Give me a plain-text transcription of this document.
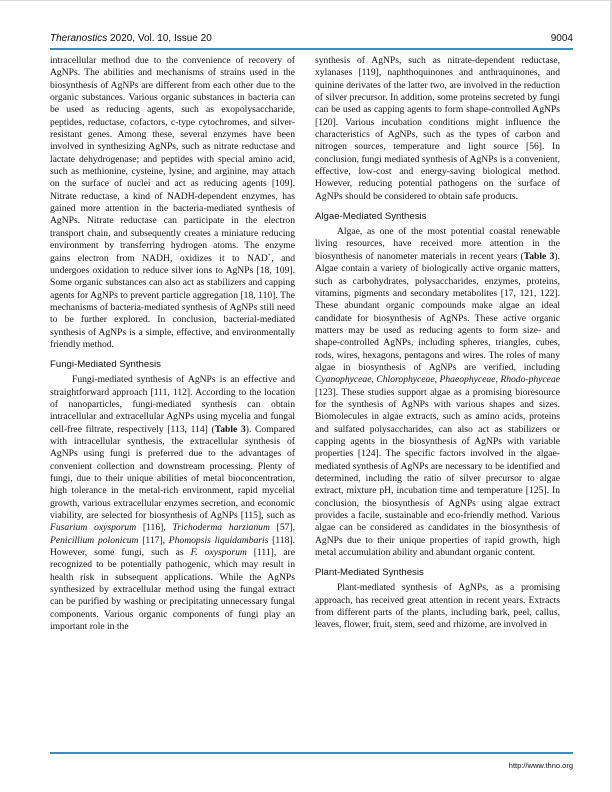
Theranostics 2020, Vol. 10, Issue 20	9004

intracellular method due to the convenience of recovery of AgNPs. The abilities and mechanisms of strains used in the biosynthesis of AgNPs are different from each other due to the organic substances. Various organic substances in bacteria can be used as reducing agents, such as exopolysaccharide, peptides, reductase, cofactors, c-type cytochromes, and silver-resistant genes. Among these, several enzymes have been involved in synthesizing AgNPs, such as nitrate reductase and lactate dehydrogenase; and peptides with special amino acid, such as methionine, cysteine, lysine, and arginine, may attach on the surface of nuclei and act as reducing agents [109]. Nitrate reductase, a kind of NADH-dependent enzymes, has gained more attention in the bacteria-mediated synthesis of AgNPs. Nitrate reductase can participate in the electron transport chain, and subsequently creates a miniature reducing environment by transferring hydrogen atoms. The enzyme gains electron from NADH, oxidizes it to NAD+, and undergoes oxidation to reduce silver ions to AgNPs [18, 109]. Some organic substances can also act as stabilizers and capping agents for AgNPs to prevent particle aggregation [18, 110]. The mechanisms of bacteria-mediated synthesis of AgNPs still need to be further explored. In conclusion, bacterial-mediated synthesis of AgNPs is a simple, effective, and environmentally friendly method.

Fungi-Mediated Synthesis

Fungi-mediated synthesis of AgNPs is an effective and straightforward approach [111, 112]. According to the location of nanoparticles, fungi-mediated synthesis can obtain intracellular and extracellular AgNPs using mycelia and fungal cell-free filtrate, respectively [113, 114] (Table 3). Compared with intracellular synthesis, the extracellular synthesis of AgNPs using fungi is preferred due to the advantages of convenient collection and downstream processing. Plenty of fungi, due to their unique abilities of metal bioconcentration, high tolerance in the metal-rich environment, rapid mycelial growth, various extracellular enzymes secretion, and economic viability, are selected for biosynthesis of AgNPs [115], such as Fusarium oxysporum [116], Trichoderma harzianum [57], Penicillium polonicum [117], Phomopsis liquidambaris [118]. However, some fungi, such as F. oxysporum [111], are recognized to be potentially pathogenic, which may result in health risk in subsequent applications. While the AgNPs synthesized by extracellular method using the fungal extract can be purified by washing or precipitating unnecessary fungal components. Various organic components of fungi play an important role in the

synthesis of AgNPs, such as nitrate-dependent reductase, xylanases [119], naphthoquinones and anthraquinones, and quinine derivates of the latter two, are involved in the reduction of silver precursor. In addition, some proteins secreted by fungi can be used as capping agents to form shape-controlled AgNPs [120]. Various incubation conditions might influence the characteristics of AgNPs, such as the types of carbon and nitrogen sources, temperature and light source [56]. In conclusion, fungi mediated synthesis of AgNPs is a convenient, effective, low-cost and energy-saving biological method. However, reducing potential pathogens on the surface of AgNPs should be considered to obtain safe products.

Algae-Mediated Synthesis

Algae, as one of the most potential coastal renewable living resources, have received more attention in the biosynthesis of nanometer materials in recent years (Table 3). Algae contain a variety of biologically active organic matters, such as carbohydrates, polysaccharides, enzymes, proteins, vitamins, pigments and secondary metabolites [17, 121, 122]. These abundant organic compounds make algae an ideal candidate for biosynthesis of AgNPs. These active organic matters may be used as reducing agents to form size- and shape-controlled AgNPs, including spheres, triangles, cubes, rods, wires, hexagons, pentagons and wires. The roles of many algae in biosynthesis of AgNPs are verified, including Cyanophyceae, Chlorophyceae, Phaeophyceae, Rhodo-phyceae [123]. These studies support algae as a promising bioresource for the synthesis of AgNPs with various shapes and sizes. Biomolecules in algae extracts, such as amino acids, proteins and sulfated polysaccharides, can also act as stabilizers or capping agents in the biosynthesis of AgNPs with variable properties [124]. The specific factors involved in the algae-mediated synthesis of AgNPs are necessary to be identified and determined, including the ratio of silver precursor to algae extract, mixture pH, incubation time and temperature [125]. In conclusion, the biosynthesis of AgNPs using algae extract provides a facile, sustainable and eco-friendly method. Various algae can be considered as candidates in the biosynthesis of AgNPs due to their unique properties of rapid growth, high metal accumulation ability and abundant organic content.

Plant-Mediated Synthesis

Plant-mediated synthesis of AgNPs, as a promising approach, has received great attention in recent years. Extracts from different parts of the plants, including bark, peel, callus, leaves, flower, fruit, stem, seed and rhizome, are involved in

http://www.thno.org
